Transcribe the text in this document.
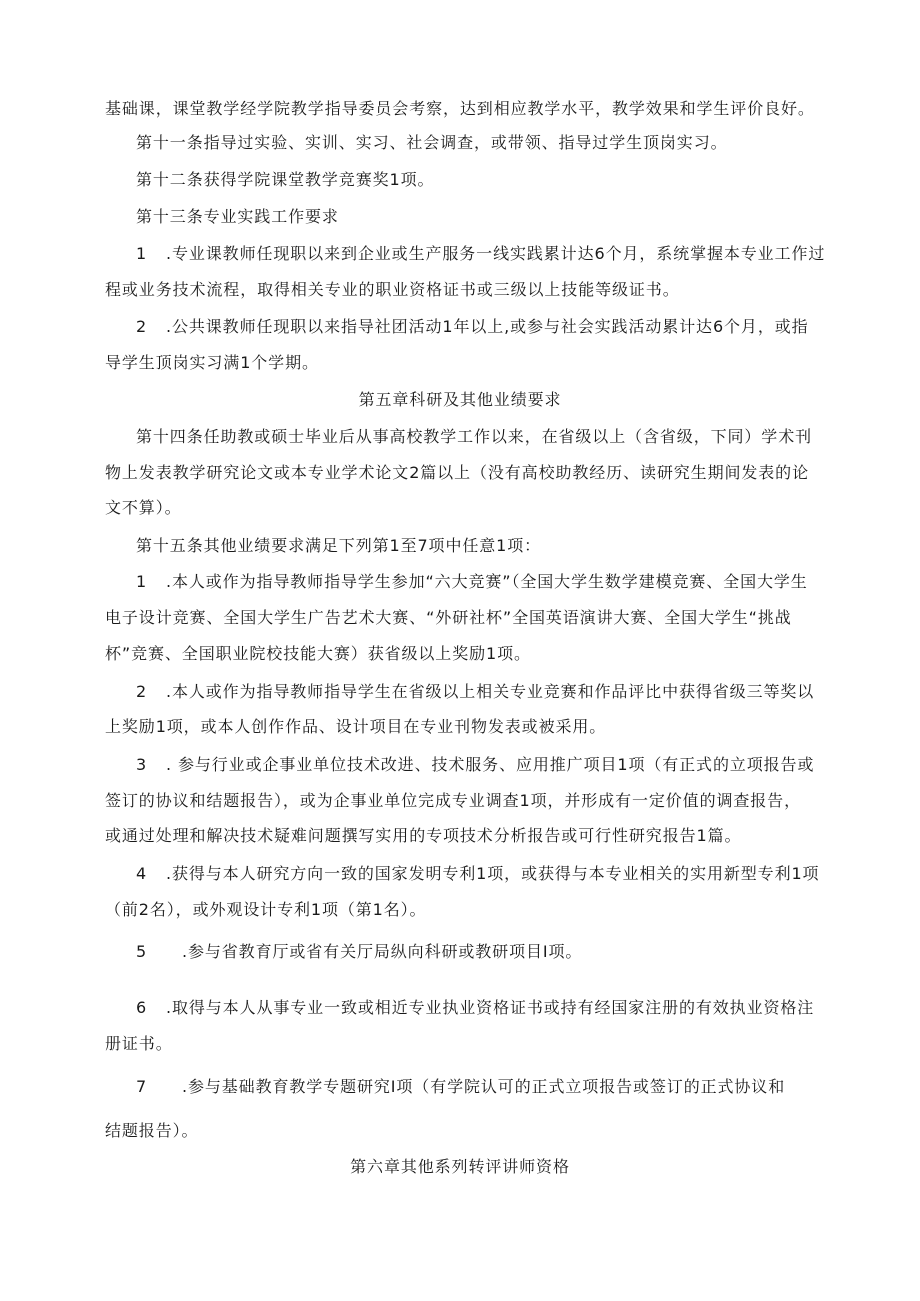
基础课，课堂教学经学院教学指导委员会考察，达到相应教学水平，教学效果和学生评价良好。
第十一条指导过实验、实训、实习、社会调查，或带领、指导过学生顶岗实习。
第十二条获得学院课堂教学竞赛奖1项。
第十三条专业实践工作要求
1 .专业课教师任现职以来到企业或生产服务一线实践累计达6个月，系统掌握本专业工作过
程或业务技术流程，取得相关专业的职业资格证书或三级以上技能等级证书。
2 .公共课教师任现职以来指导社团活动1年以上,或参与社会实践活动累计达6个月，或指
导学生顶岗实习满1个学期。
第五章科研及其他业绩要求
第十四条任助教或硕士毕业后从事高校教学工作以来，在省级以上（含省级，下同）学术刊
物上发表教学研究论文或本专业学术论文2篇以上（没有高校助教经历、读研究生期间发表的论
文不算）。
第十五条其他业绩要求满足下列第1至7项中任意1项：
1 .本人或作为指导教师指导学生参加“六大竞赛”（全国大学生数学建模竞赛、全国大学生
电子设计竞赛、全国大学生广告艺术大赛、“外研社杯”全国英语演讲大赛、全国大学生“挑战
杯”竞赛、全国职业院校技能大赛）获省级以上奖励1项。
2 .本人或作为指导教师指导学生在省级以上相关专业竞赛和作品评比中获得省级三等奖以
上奖励1项，或本人创作作品、设计项目在专业刊物发表或被采用。
3 . 参与行业或企事业单位技术改进、技术服务、应用推广项目1项（有正式的立项报告或
签订的协议和结题报告），或为企事业单位完成专业调查1项，并形成有一定价值的调查报告，
或通过处理和解决技术疑难问题撰写实用的专项技术分析报告或可行性研究报告1篇。
4 .获得与本人研究方向一致的国家发明专利1项，或获得与本专业相关的实用新型专利1项
（前2名），或外观设计专利1项（第1名）。
5 .参与省教育厅或省有关厅局纵向科研或教研项目I项。
6 .取得与本人从事专业一致或相近专业执业资格证书或持有经国家注册的有效执业资格注
册证书。
7 .参与基础教育教学专题研究I项（有学院认可的正式立项报告或签订的正式协议和
结题报告）。
第六章其他系列转评讲师资格
